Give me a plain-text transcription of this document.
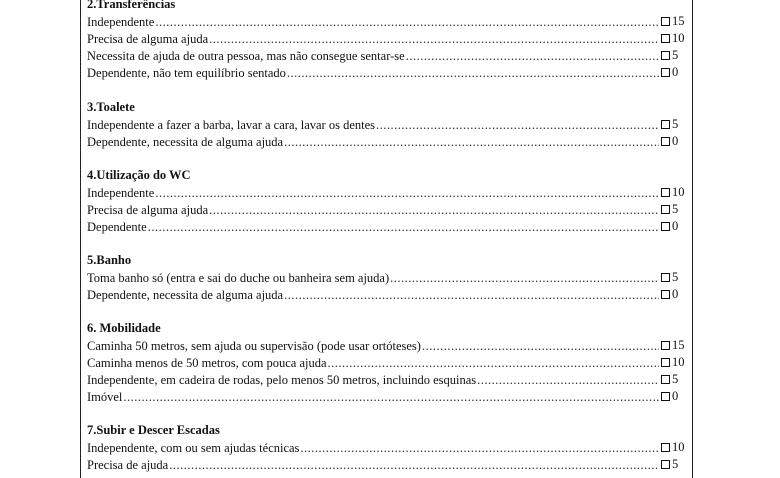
2.Transferências
Independente .....	15
Precisa de alguma ajuda .....	10
Necessita de ajuda de outra pessoa, mas não consegue sentar-se .....	5
Dependente, não tem equilíbrio sentado .....	0
3.Toalete
Independente a fazer a barba, lavar a cara, lavar os dentes .....	5
Dependente, necessita de alguma ajuda .....	0
4.Utilização do WC
Independente .....	10
Precisa de alguma ajuda .....	5
Dependente .....	0
5.Banho
Toma banho só (entra e sai do duche ou banheira sem ajuda) .....	5
Dependente, necessita de alguma ajuda .....	0
6. Mobilidade
Caminha 50 metros, sem ajuda ou supervisão (pode usar ortóteses) .....	15
Caminha menos de 50 metros, com pouca ajuda .....	10
Independente, em cadeira de rodas, pelo menos 50 metros, incluindo esquinas .....	5
Imóvel .....	0
7.Subir e Descer Escadas
Independente, com ou sem ajudas técnicas .....	10
Precisa de ajuda .....	5
